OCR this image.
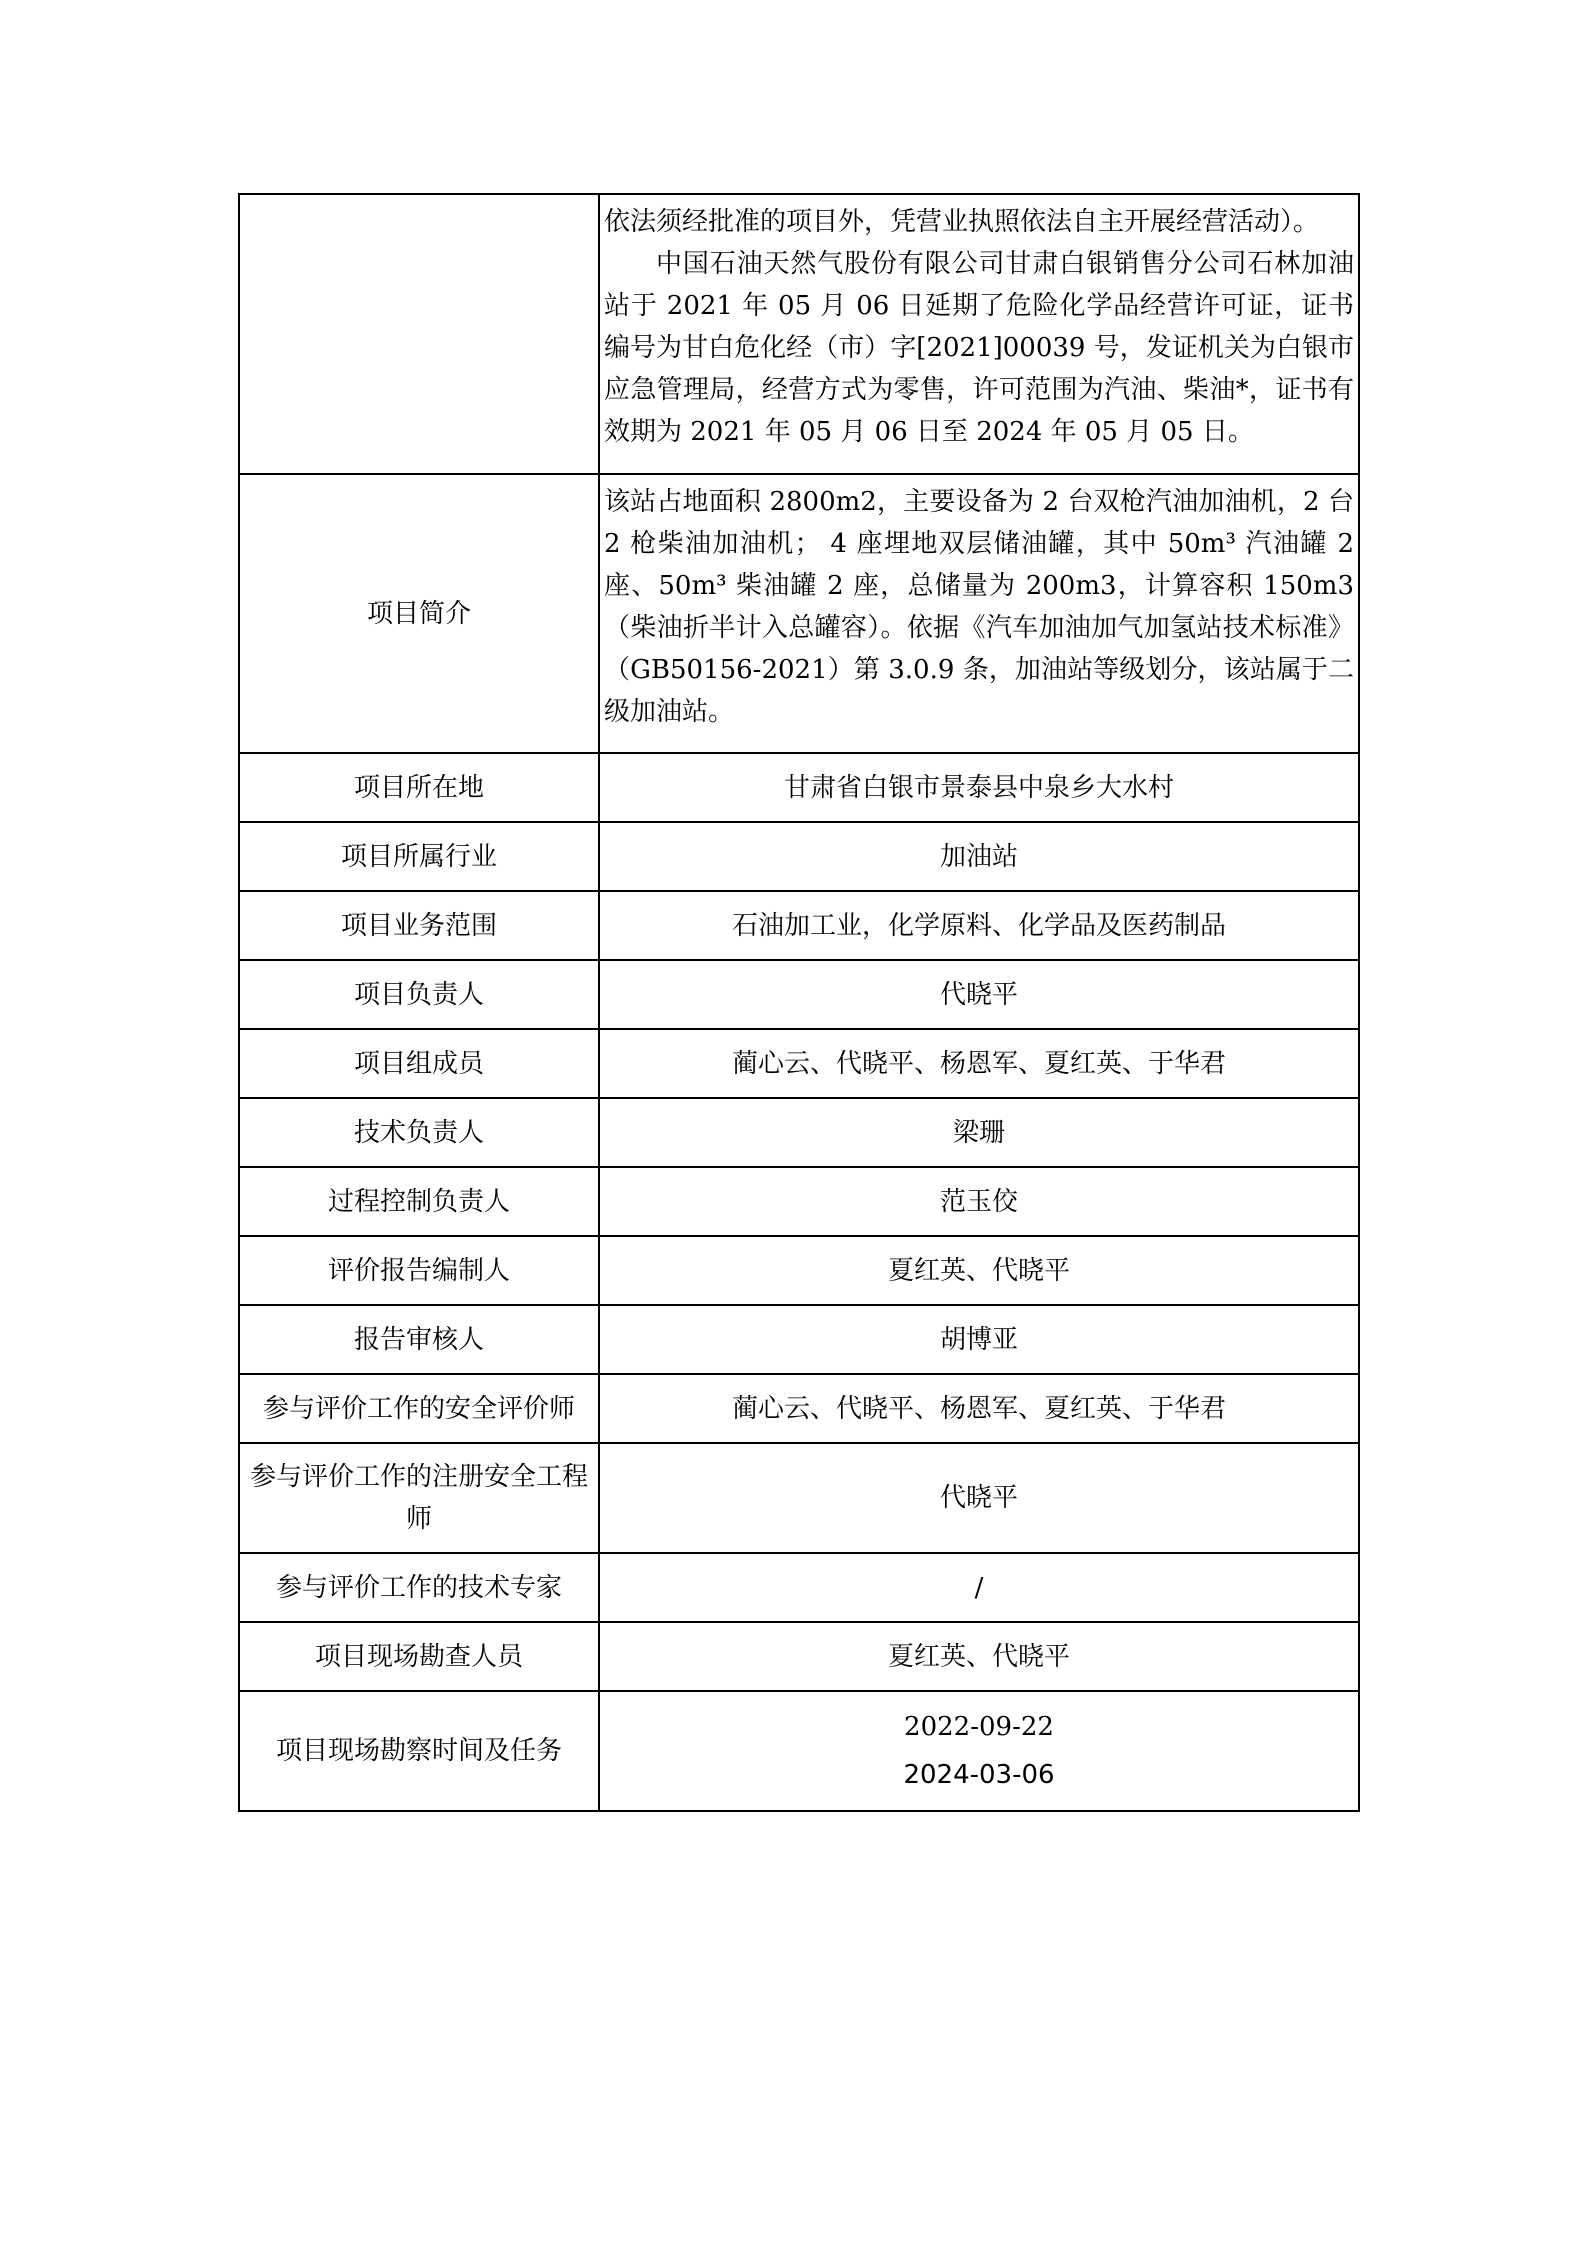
	依法须经批准的项目外，凭营业执照依法自主开展经营活动）。
中国石油天然气股份有限公司甘肃白银销售分公司石林加油站于 2021 年 05 月 06 日延期了危险化学品经营许可证，证书编号为甘白危化经（市）字[2021]00039 号，发证机关为白银市应急管理局，经营方式为零售，许可范围为汽油、柴油*，证书有效期为 2021 年 05 月 06 日至 2024 年 05 月 05 日。

项目简介	该站占地面积 2800m2，主要设备为 2 台双枪汽油加油机，2 台 2 枪柴油加油机； 4 座埋地双层储油罐，其中 50m³ 汽油罐 2 座、50m³ 柴油罐 2 座，总储量为 200m3，计算容积 150m3（柴油折半计入总罐容）。依据《汽车加油加气加氢站技术标准》（GB50156-2021）第 3.0.9 条，加油站等级划分，该站属于二级加油站。
项目所在地	甘肃省白银市景泰县中泉乡大水村
项目所属行业	加油站
项目业务范围	石油加工业，化学原料、化学品及医药制品
项目负责人	代晓平
项目组成员	蔺心云、代晓平、杨恩军、夏红英、于华君
技术负责人	梁珊
过程控制负责人	范玉佼
评价报告编制人	夏红英、代晓平
报告审核人	胡博亚
参与评价工作的安全评价师	蔺心云、代晓平、杨恩军、夏红英、于华君
参与评价工作的注册安全工程师	代晓平
参与评价工作的技术专家	/
项目现场勘查人员	夏红英、代晓平
项目现场勘察时间及任务	2022-09-22
2024-03-06
